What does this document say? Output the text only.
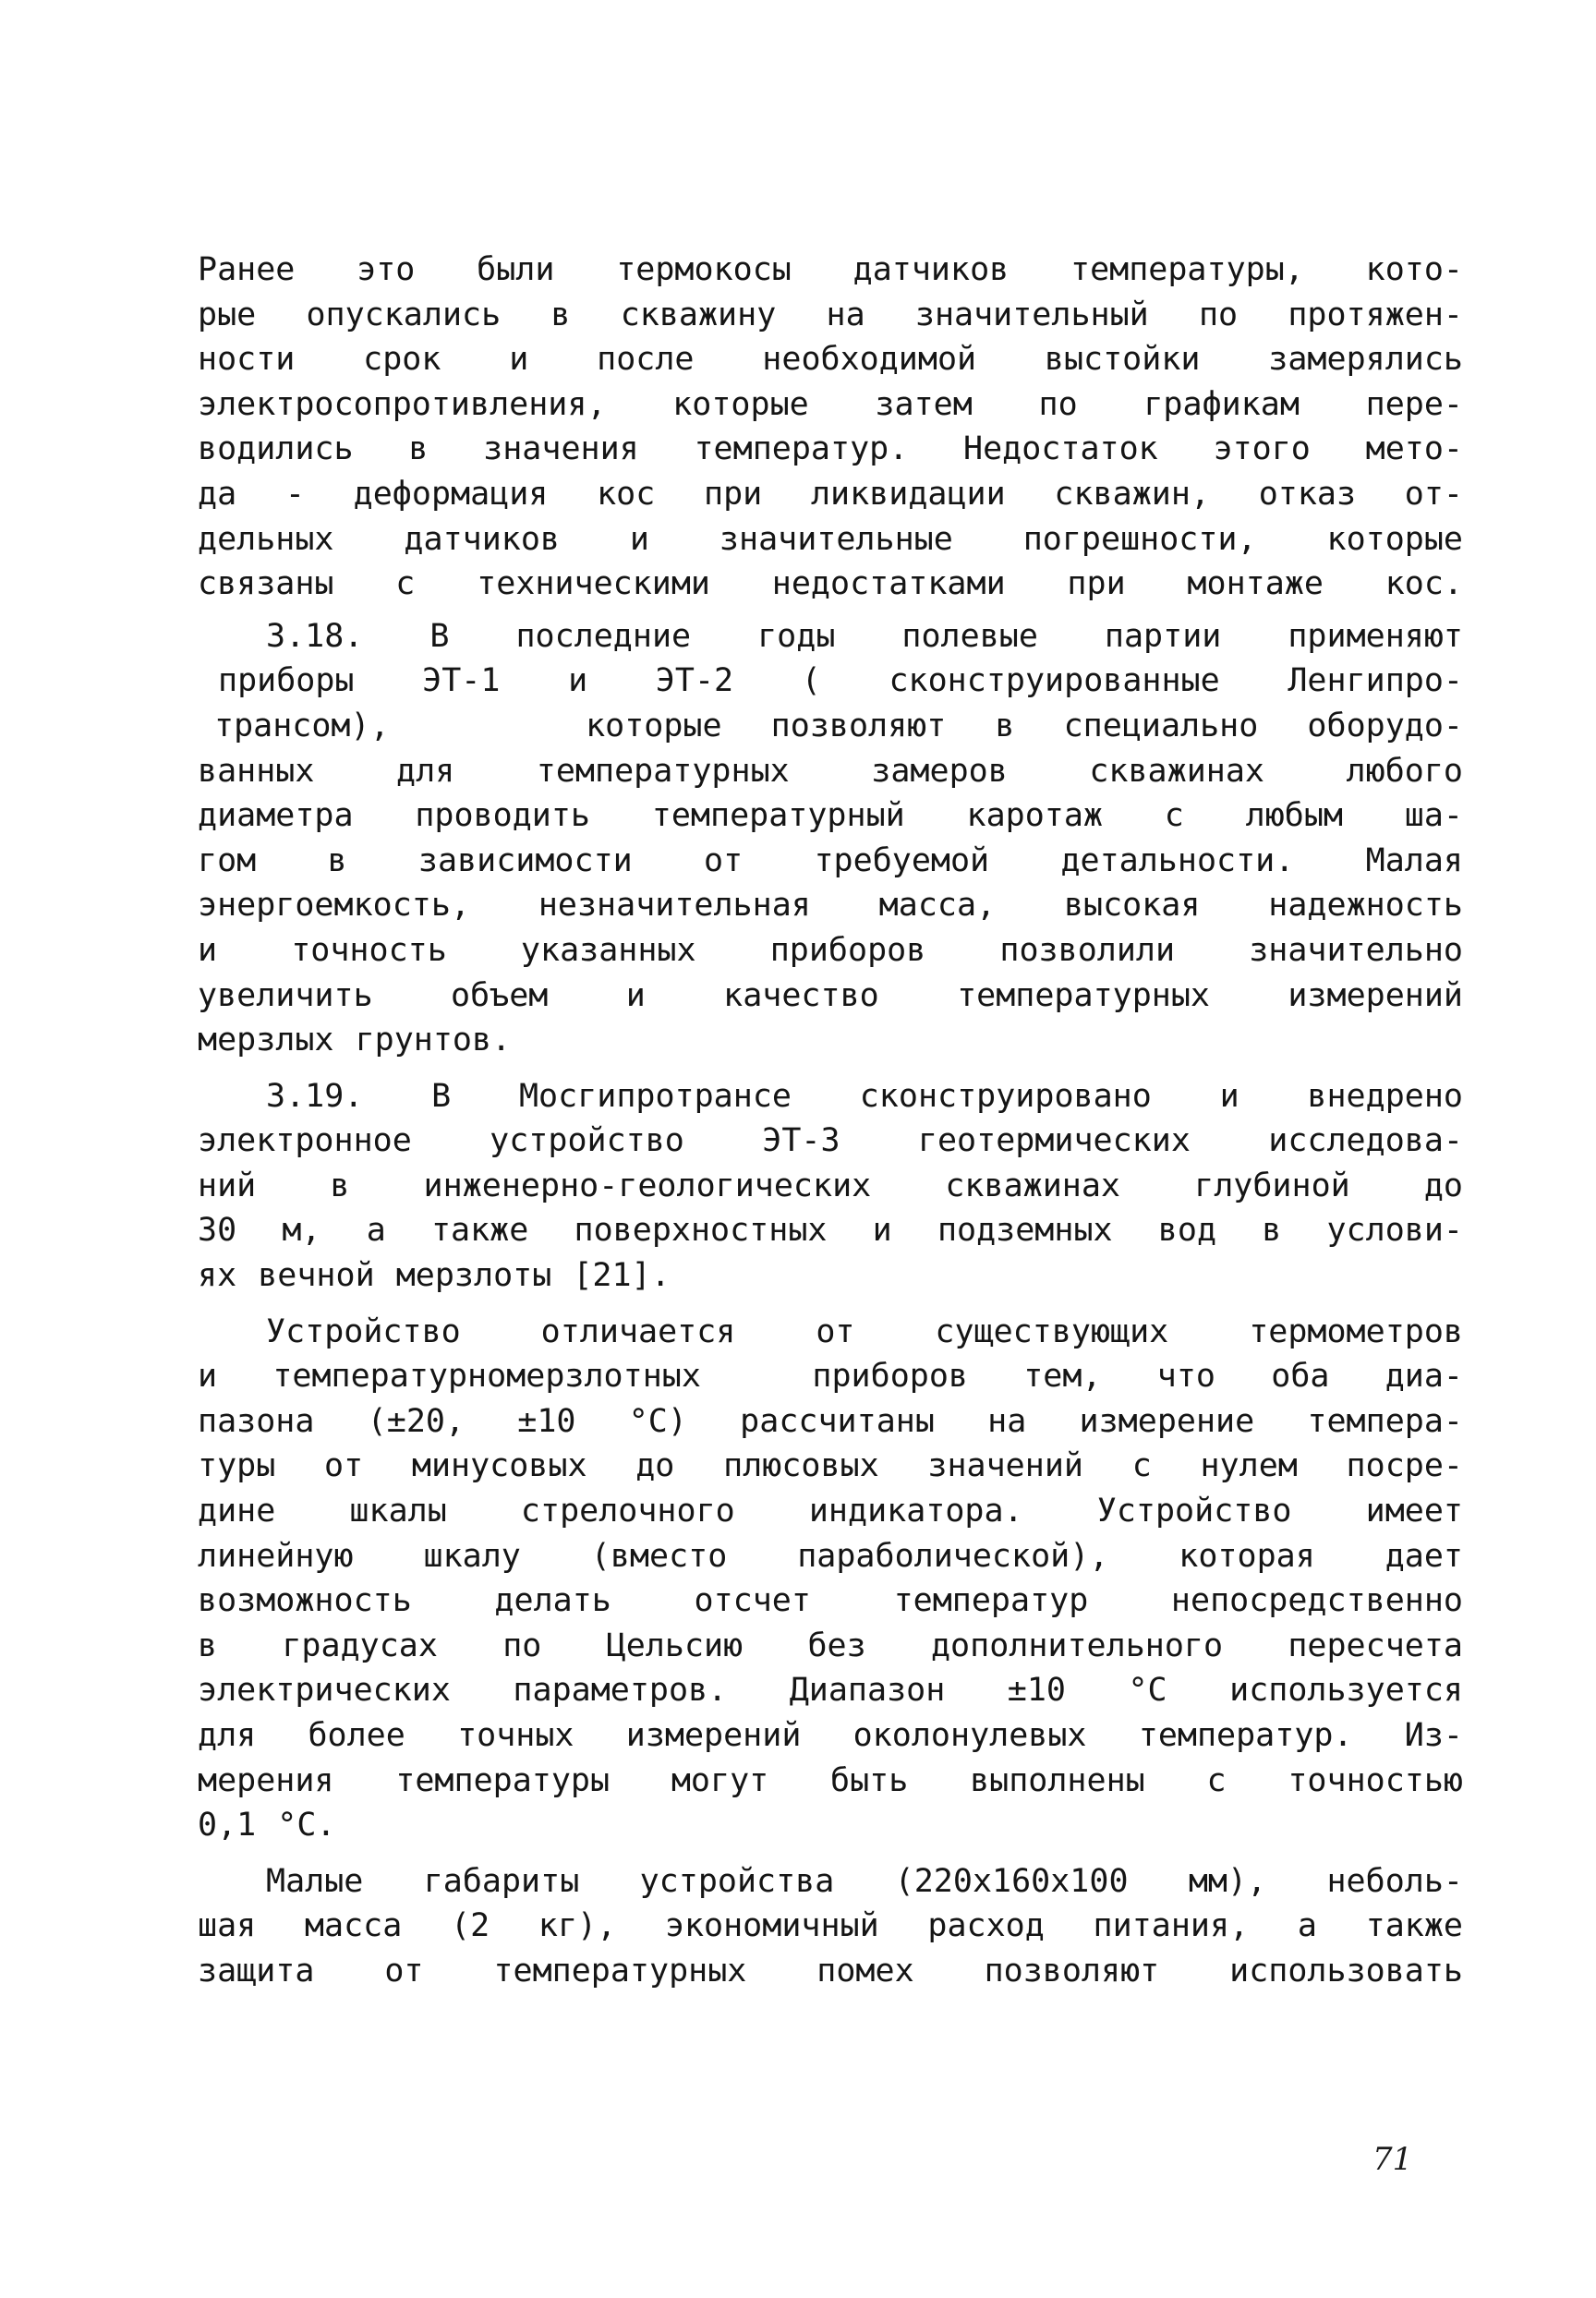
Ранее это были термокосы датчиков температуры, кото-
рые опускались в скважину на значительный по протяжен-
ности срок и после необходимой выстойки замерялись
электросопротивления, которые затем по графикам пере-
водились в значения температур. Недостаток этого мето-
да - деформация кос при ликвидации скважин, отказ от-
дельных датчиков и значительные погрешности, которые
связаны с техническими недостатками при монтаже кос.
3.18. В последние годы полевые партии применяют
приборы ЭТ-1 и ЭТ-2 ( сконструированные Ленгипро-
трансом),    которые позволяют в специально оборудо-
ванных для температурных замеров скважинах любого
диаметра проводить температурный каротаж с любым ша-
гом в зависимости от требуемой детальности. Малая
энергоемкость, незначительная масса, высокая надежность
и точность указанных приборов позволили значительно
увеличить объем и качество температурных измерений
мерзлых грунтов.
3.19. В Мосгипротрансе сконструировано и внедрено
электронное устройство ЭТ-3 геотермических исследова-
ний в инженерно-геологических скважинах глубиной до
30 м, а также поверхностных и подземных вод в услови-
ях вечной мерзлоты [21].
Устройство отличается от существующих термометров
и температурномерзлотных  приборов тем, что оба диа-
пазона (±20, ±10 °C) рассчитаны на измерение темпера-
туры от минусовых до плюсовых значений с нулем посре-
дине шкалы стрелочного индикатора. Устройство имеет
линейную шкалу (вместо параболической), которая дает
возможность делать отсчет температур непосредственно
в градусах по Цельсию без дополнительного пересчета
электрических параметров. Диапазон ±10 °C используется
для более точных измерений околонулевых температур. Из-
мерения температуры могут быть выполнены с точностью
0,1 °C.
Малые габариты устройства (220x160x100 мм), неболь-
шая масса (2 кг), экономичный расход питания, а также
защита от температурных помех позволяют использовать
71
